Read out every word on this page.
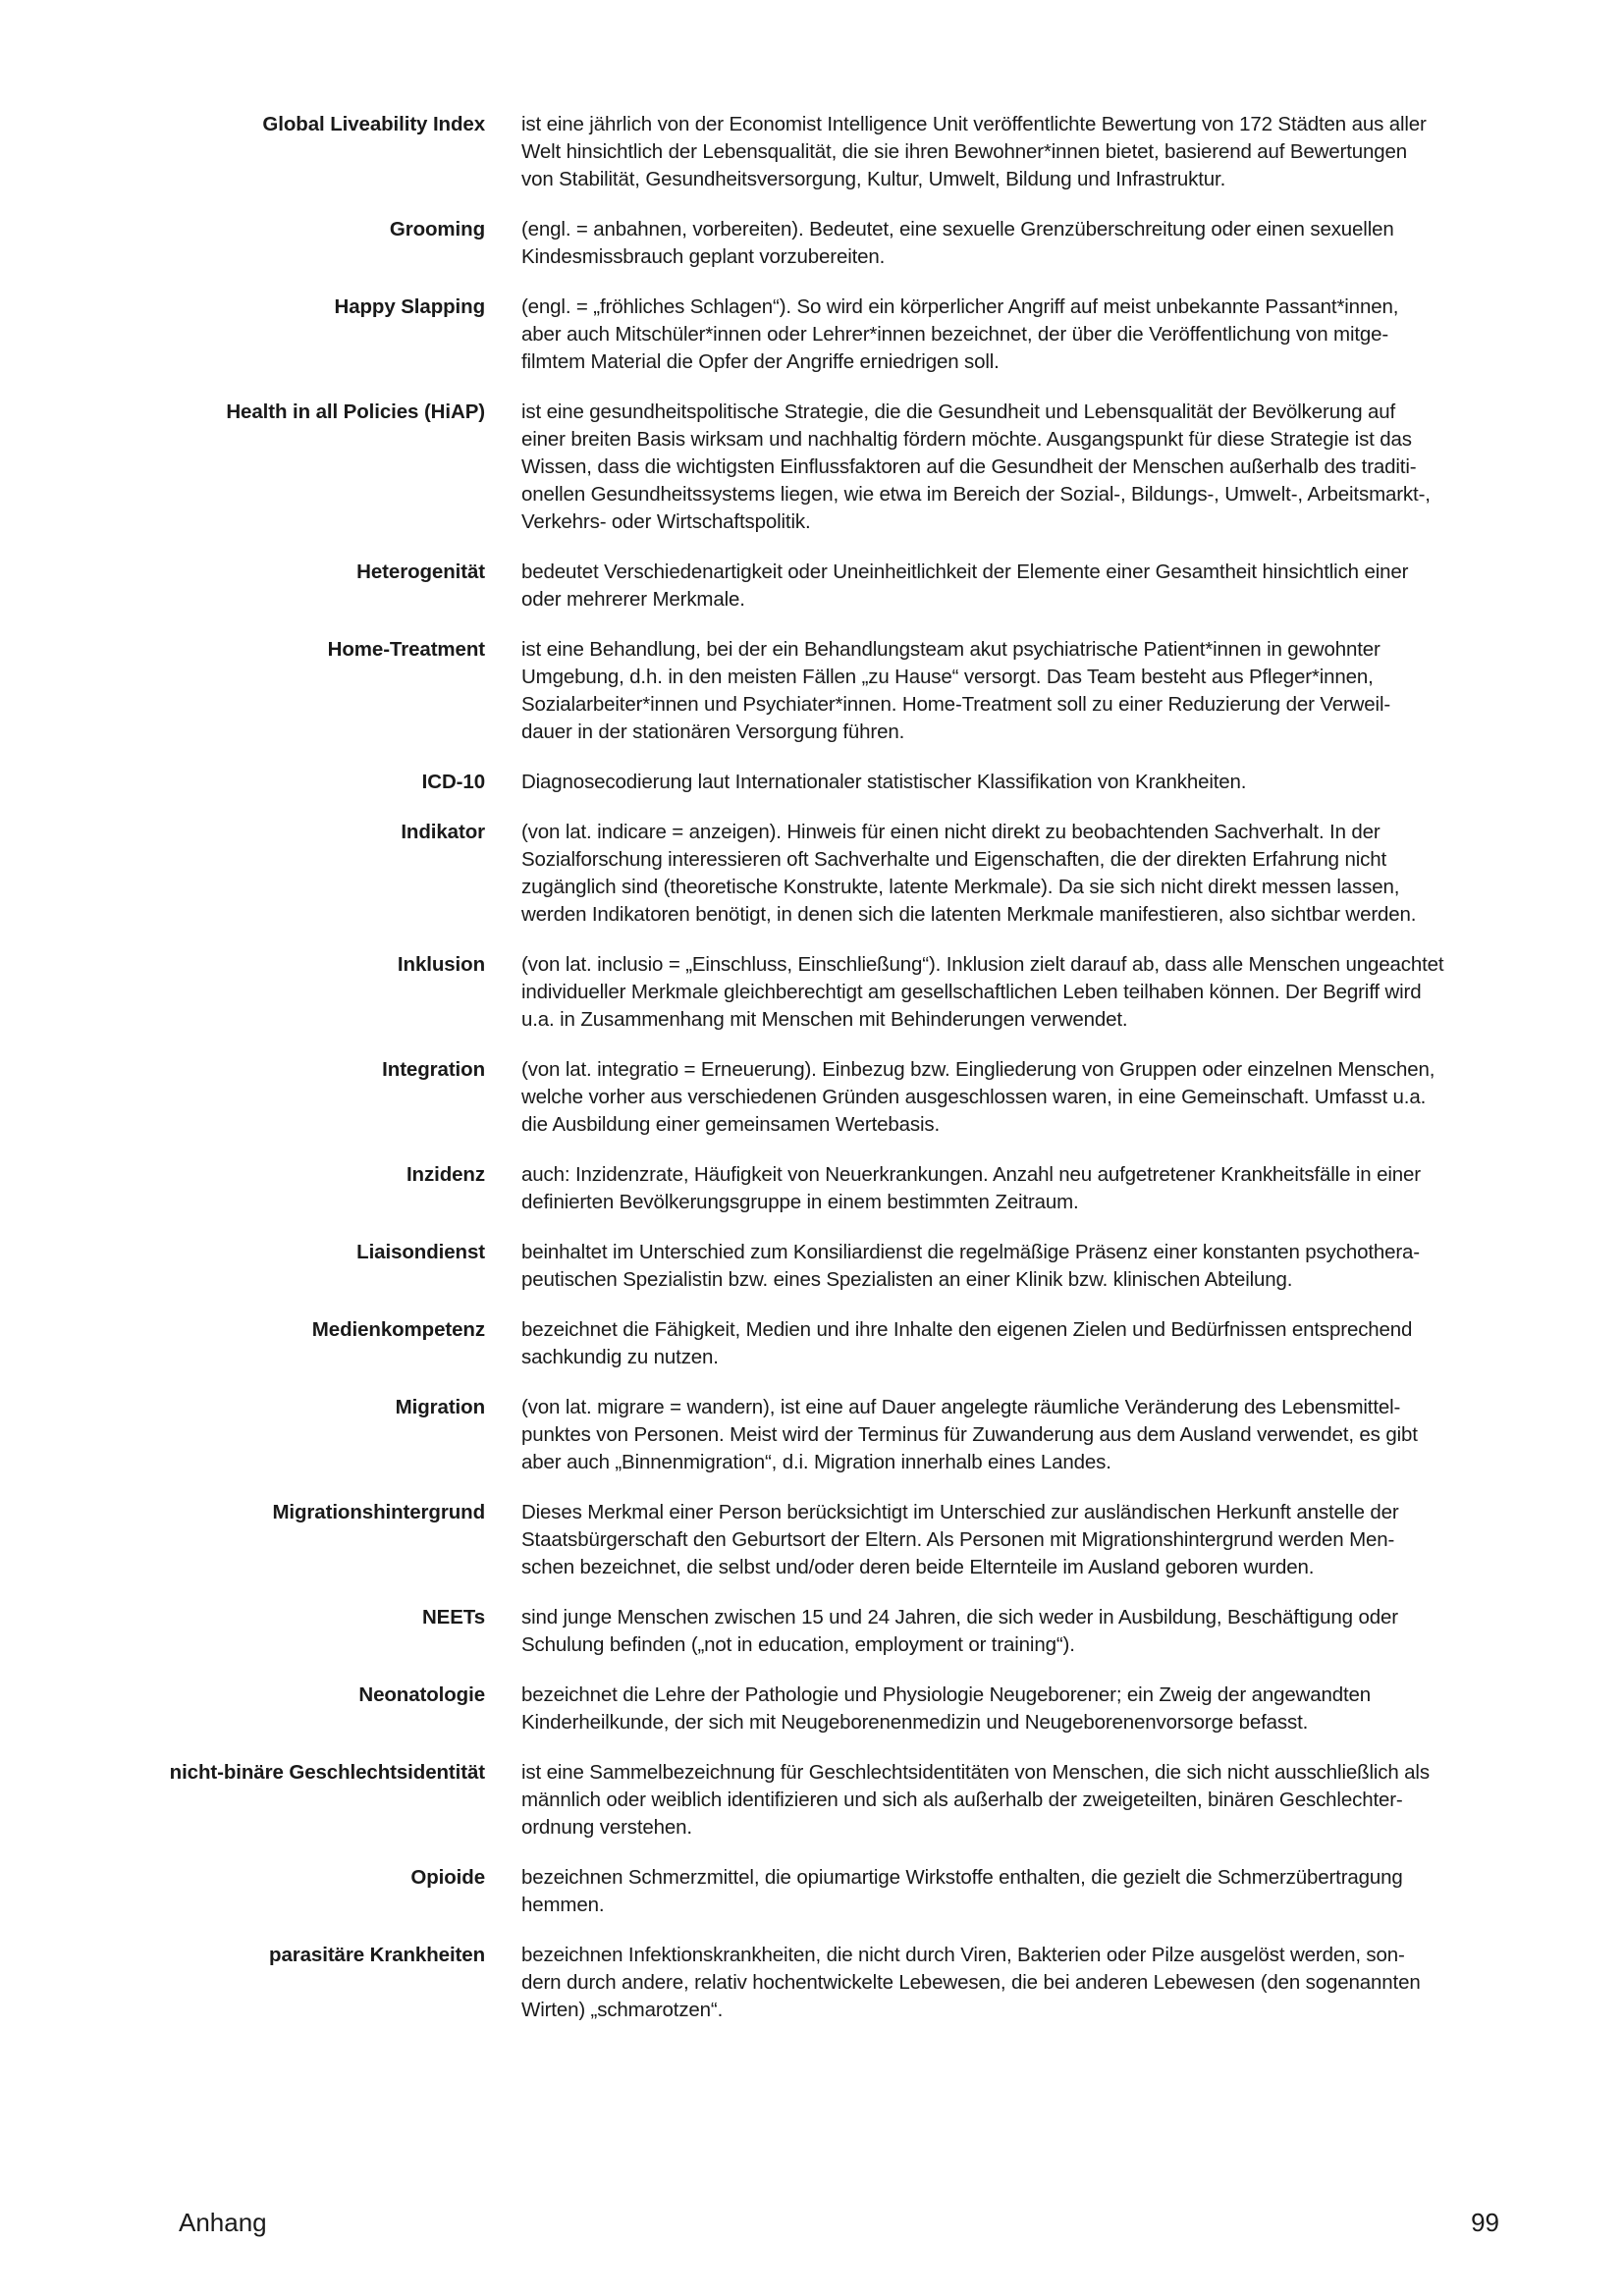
Global Liveability Index ist eine jährlich von der Economist Intelligence Unit veröffentlichte Bewertung von 172 Städten aus aller
Welt hinsichtlich der Lebensqualität, die sie ihren Bewohner*innen bietet, basierend auf Bewertungen
von Stabilität, Gesundheitsversorgung, Kultur, Umwelt, Bildung und Infrastruktur.
Grooming (engl. = anbahnen, vorbereiten). Bedeutet, eine sexuelle Grenzüberschreitung oder einen sexuellen
Kindesmissbrauch geplant vorzubereiten.
Happy Slapping (engl. = „fröhliches Schlagen“). So wird ein körperlicher Angriff auf meist unbekannte Passant*innen,
aber auch Mitschüler*innen oder Lehrer*innen bezeichnet, der über die Veröffentlichung von mitge-
filmtem Material die Opfer der Angriffe erniedrigen soll.
Health in all Policies (HiAP) ist eine gesundheitspolitische Strategie, die die Gesundheit und Lebensqualität der Bevölkerung auf
einer breiten Basis wirksam und nachhaltig fördern möchte. Ausgangspunkt für diese Strategie ist das
Wissen, dass die wichtigsten Einflussfaktoren auf die Gesundheit der Menschen außerhalb des traditi-
onellen Gesundheitssystems liegen, wie etwa im Bereich der Sozial-, Bildungs-, Umwelt-, Arbeitsmarkt-,
Verkehrs- oder Wirtschaftspolitik.
Heterogenität bedeutet Verschiedenartigkeit oder Uneinheitlichkeit der Elemente einer Gesamtheit hinsichtlich einer
oder mehrerer Merkmale.
Home-Treatment ist eine Behandlung, bei der ein Behandlungsteam akut psychiatrische Patient*innen in gewohnter
Umgebung, d.h. in den meisten Fällen „zu Hause“ versorgt. Das Team besteht aus Pfleger*innen,
Sozialarbeiter*innen und Psychiater*innen. Home-Treatment soll zu einer Reduzierung der Verweil-
dauer in der stationären Versorgung führen.
ICD-10 Diagnosecodierung laut Internationaler statistischer Klassifikation von Krankheiten.
Indikator (von lat. indicare = anzeigen). Hinweis für einen nicht direkt zu beobachtenden Sachverhalt. In der
Sozialforschung interessieren oft Sachverhalte und Eigenschaften, die der direkten Erfahrung nicht
zugänglich sind (theoretische Konstrukte, latente Merkmale). Da sie sich nicht direkt messen lassen,
werden Indikatoren benötigt, in denen sich die latenten Merkmale manifestieren, also sichtbar werden.
Inklusion (von lat. inclusio = „Einschluss, Einschließung“). Inklusion zielt darauf ab, dass alle Menschen ungeachtet
individueller Merkmale gleichberechtigt am gesellschaftlichen Leben teilhaben können. Der Begriff wird
u.a. in Zusammenhang mit Menschen mit Behinderungen verwendet.
Integration (von lat. integratio = Erneuerung). Einbezug bzw. Eingliederung von Gruppen oder einzelnen Menschen,
welche vorher aus verschiedenen Gründen ausgeschlossen waren, in eine Gemeinschaft. Umfasst u.a.
die Ausbildung einer gemeinsamen Wertebasis.
Inzidenz auch: Inzidenzrate, Häufigkeit von Neuerkrankungen. Anzahl neu aufgetretener Krankheitsfälle in einer
definierten Bevölkerungsgruppe in einem bestimmten Zeitraum.
Liaisondienst beinhaltet im Unterschied zum Konsiliardienst die regelmäßige Präsenz einer konstanten psychothera-
peutischen Spezialistin bzw. eines Spezialisten an einer Klinik bzw. klinischen Abteilung.
Medienkompetenz bezeichnet die Fähigkeit, Medien und ihre Inhalte den eigenen Zielen und Bedürfnissen entsprechend
sachkundig zu nutzen.
Migration (von lat. migrare = wandern), ist eine auf Dauer angelegte räumliche Veränderung des Lebensmittel-
punktes von Personen. Meist wird der Terminus für Zuwanderung aus dem Ausland verwendet, es gibt
aber auch „Binnenmigration“, d.i. Migration innerhalb eines Landes.
Migrationshintergrund Dieses Merkmal einer Person berücksichtigt im Unterschied zur ausländischen Herkunft anstelle der
Staatsbürgerschaft den Geburtsort der Eltern. Als Personen mit Migrationshintergrund werden Men-
schen bezeichnet, die selbst und/oder deren beide Elternteile im Ausland geboren wurden.
NEETs sind junge Menschen zwischen 15 und 24 Jahren, die sich weder in Ausbildung, Beschäftigung oder
Schulung befinden („not in education, employment or training“).
Neonatologie bezeichnet die Lehre der Pathologie und Physiologie Neugeborener; ein Zweig der angewandten
Kinderheilkunde, der sich mit Neugeborenenmedizin und Neugeborenenvorsorge befasst.
nicht-binäre Geschlechtsidentität ist eine Sammelbezeichnung für Geschlechtsidentitäten von Menschen, die sich nicht ausschließlich als
männlich oder weiblich identifizieren und sich als außerhalb der zweigeteilten, binären Geschlechter-
ordnung verstehen.
Opioide bezeichnen Schmerzmittel, die opiumartige Wirkstoffe enthalten, die gezielt die Schmerzübertragung
hemmen.
parasitäre Krankheiten bezeichnen Infektionskrankheiten, die nicht durch Viren, Bakterien oder Pilze ausgelöst werden, son-
dern durch andere, relativ hochentwickelte Lebewesen, die bei anderen Lebewesen (den sogenannten
Wirten) „schmarotzen“.
Anhang	99
